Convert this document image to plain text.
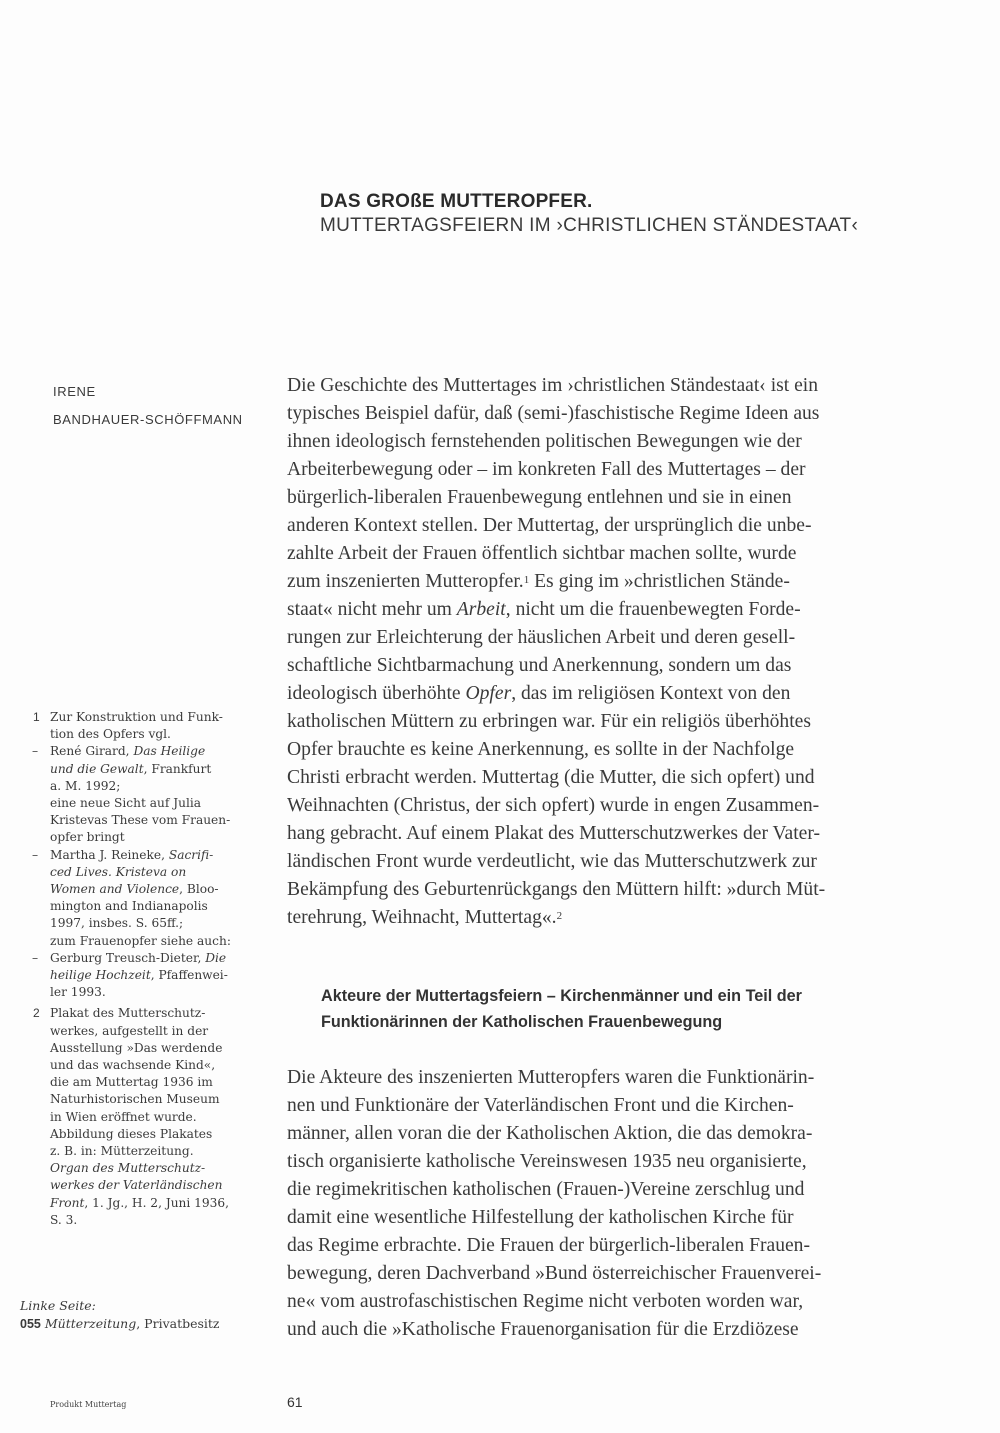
DAS GROßE MUTTEROPFER.
MUTTERTAGSFEIERN IM ›CHRISTLICHEN STÄNDESTAAT‹
IRENE
BANDHAUER-SCHÖFFMANN
Die Geschichte des Muttertages im ›christlichen Ständestaat‹ ist ein
typisches Beispiel dafür, daß (semi-)faschistische Regime Ideen aus
ihnen ideologisch fernstehenden politischen Bewegungen wie der
Arbeiterbewegung oder – im konkreten Fall des Muttertages – der
bürgerlich-liberalen Frauenbewegung entlehnen und sie in einen
anderen Kontext stellen. Der Muttertag, der ursprünglich die unbe-
zahlte Arbeit der Frauen öffentlich sichtbar machen sollte, wurde
zum inszenierten Mutteropfer.$^1$ Es ging im »christlichen Stände-
staat« nicht mehr um Arbeit, nicht um die frauenbewegten Forde-
rungen zur Erleichterung der häuslichen Arbeit und deren gesell-
schaftliche Sichtbarmachung und Anerkennung, sondern um das
ideologisch überhöhte Opfer, das im religiösen Kontext von den
katholischen Müttern zu erbringen war. Für ein religiös überhöhtes
Opfer brauchte es keine Anerkennung, es sollte in der Nachfolge
Christi erbracht werden. Muttertag (die Mutter, die sich opfert) und
Weihnachten (Christus, der sich opfert) wurde in engen Zusammen-
hang gebracht. Auf einem Plakat des Mutterschutzwerkes der Vater-
ländischen Front wurde verdeutlicht, wie das Mutterschutzwerk zur
Bekämpfung des Geburtenrückgangs den Müttern hilft: »durch Müt-
terehrung, Weihnacht, Muttertag«.$^2$
Akteure der Muttertagsfeiern – Kirchenmänner und ein Teil der
Funktionärinnen der Katholischen Frauenbewegung
Die Akteure des inszenierten Mutteropfers waren die Funktionärin-
nen und Funktionäre der Vaterländischen Front und die Kirchen-
männer, allen voran die der Katholischen Aktion, die das demokra-
tisch organisierte katholische Vereinswesen 1935 neu organisierte,
die regimekritischen katholischen (Frauen-)Vereine zerschlug und
damit eine wesentliche Hilfestellung der katholischen Kirche für
das Regime erbrachte. Die Frauen der bürgerlich-liberalen Frauen-
bewegung, deren Dachverband »Bund österreichischer Frauenverei-
ne« vom austrofaschistischen Regime nicht verboten worden war,
und auch die »Katholische Frauenorganisation für die Erzdiözese
1 Zur Konstruktion und Funk-
tion des Opfers vgl.
– René Girard, Das Heilige
und die Gewalt, Frankfurt
a. M. 1992;
eine neue Sicht auf Julia
Kristevas These vom Frauen-
opfer bringt
– Martha J. Reineke, Sacrifi-
ced Lives. Kristeva on
Women and Violence, Bloo-
mington and Indianapolis
1997, insbes. S. 65ff.;
zum Frauenopfer siehe auch:
– Gerburg Treusch-Dieter, Die
heilige Hochzeit, Pfaffenwei-
ler 1993.
2 Plakat des Mutterschutz-
werkes, aufgestellt in der
Ausstellung »Das werdende
und das wachsende Kind«,
die am Muttertag 1936 im
Naturhistorischen Museum
in Wien eröffnet wurde.
Abbildung dieses Plakates
z. B. in: Mütterzeitung.
Organ des Mutterschutz-
werkes der Vaterländischen
Front, 1. Jg., H. 2, Juni 1936,
S. 3.
Linke Seite:
055 Mütterzeitung, Privatbesitz
Produkt Muttertag	61
